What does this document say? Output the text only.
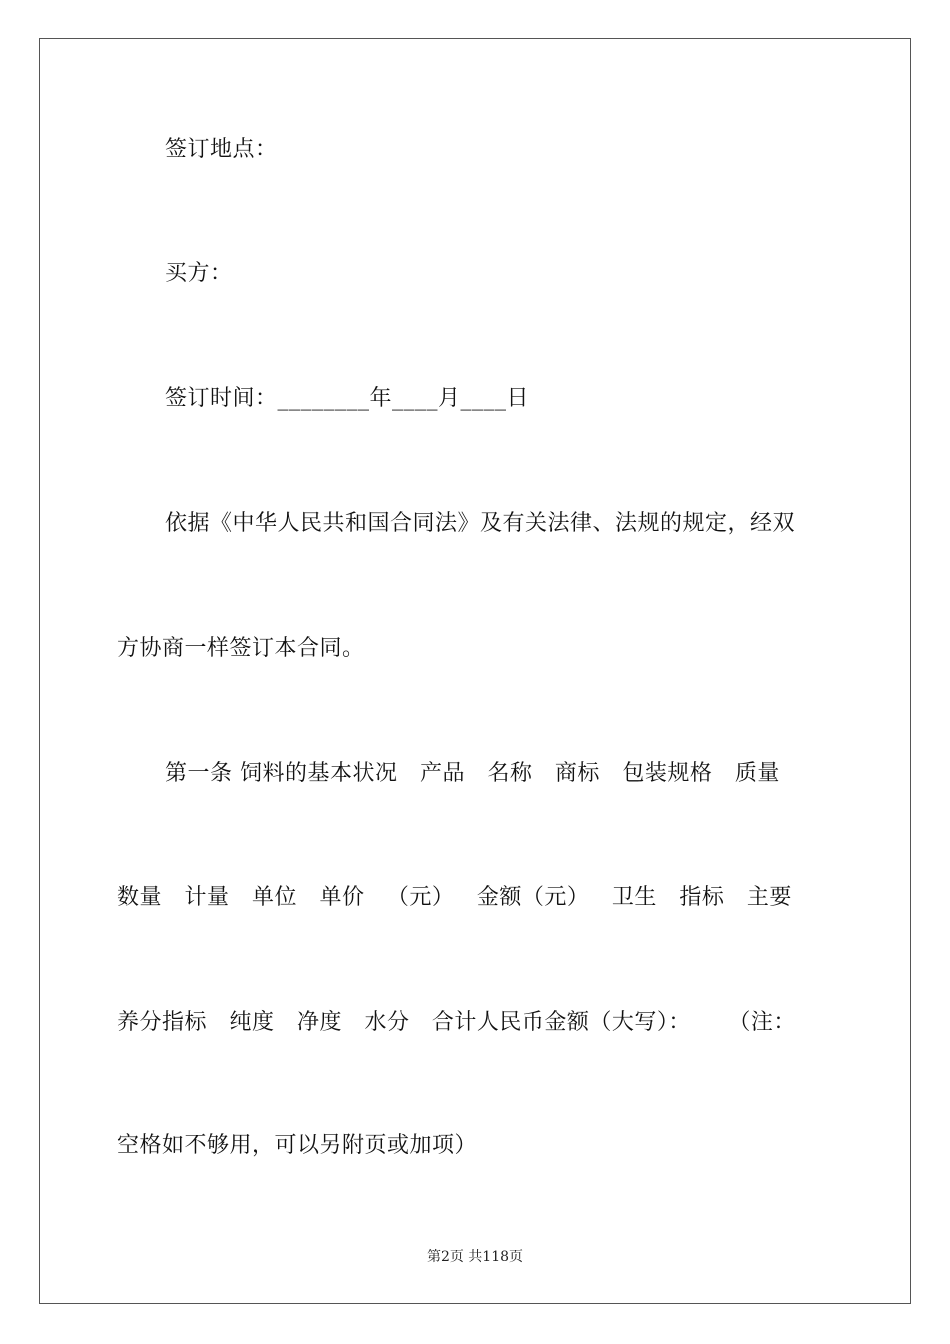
签订地点：
买方：
签订时间：________年____月____日
依据《中华人民共和国合同法》及有关法律、法规的规定，经双
方协商一样签订本合同。
第一条 饲料的基本状况   产品   名称   商标   包装规格   质量
数量   计量   单位   单价   （元）   金额（元）   卫生   指标   主要
养分指标   纯度   净度   水分   合计人民币金额（大写）：     （注：
空格如不够用，可以另附页或加项）
第2页 共118页
